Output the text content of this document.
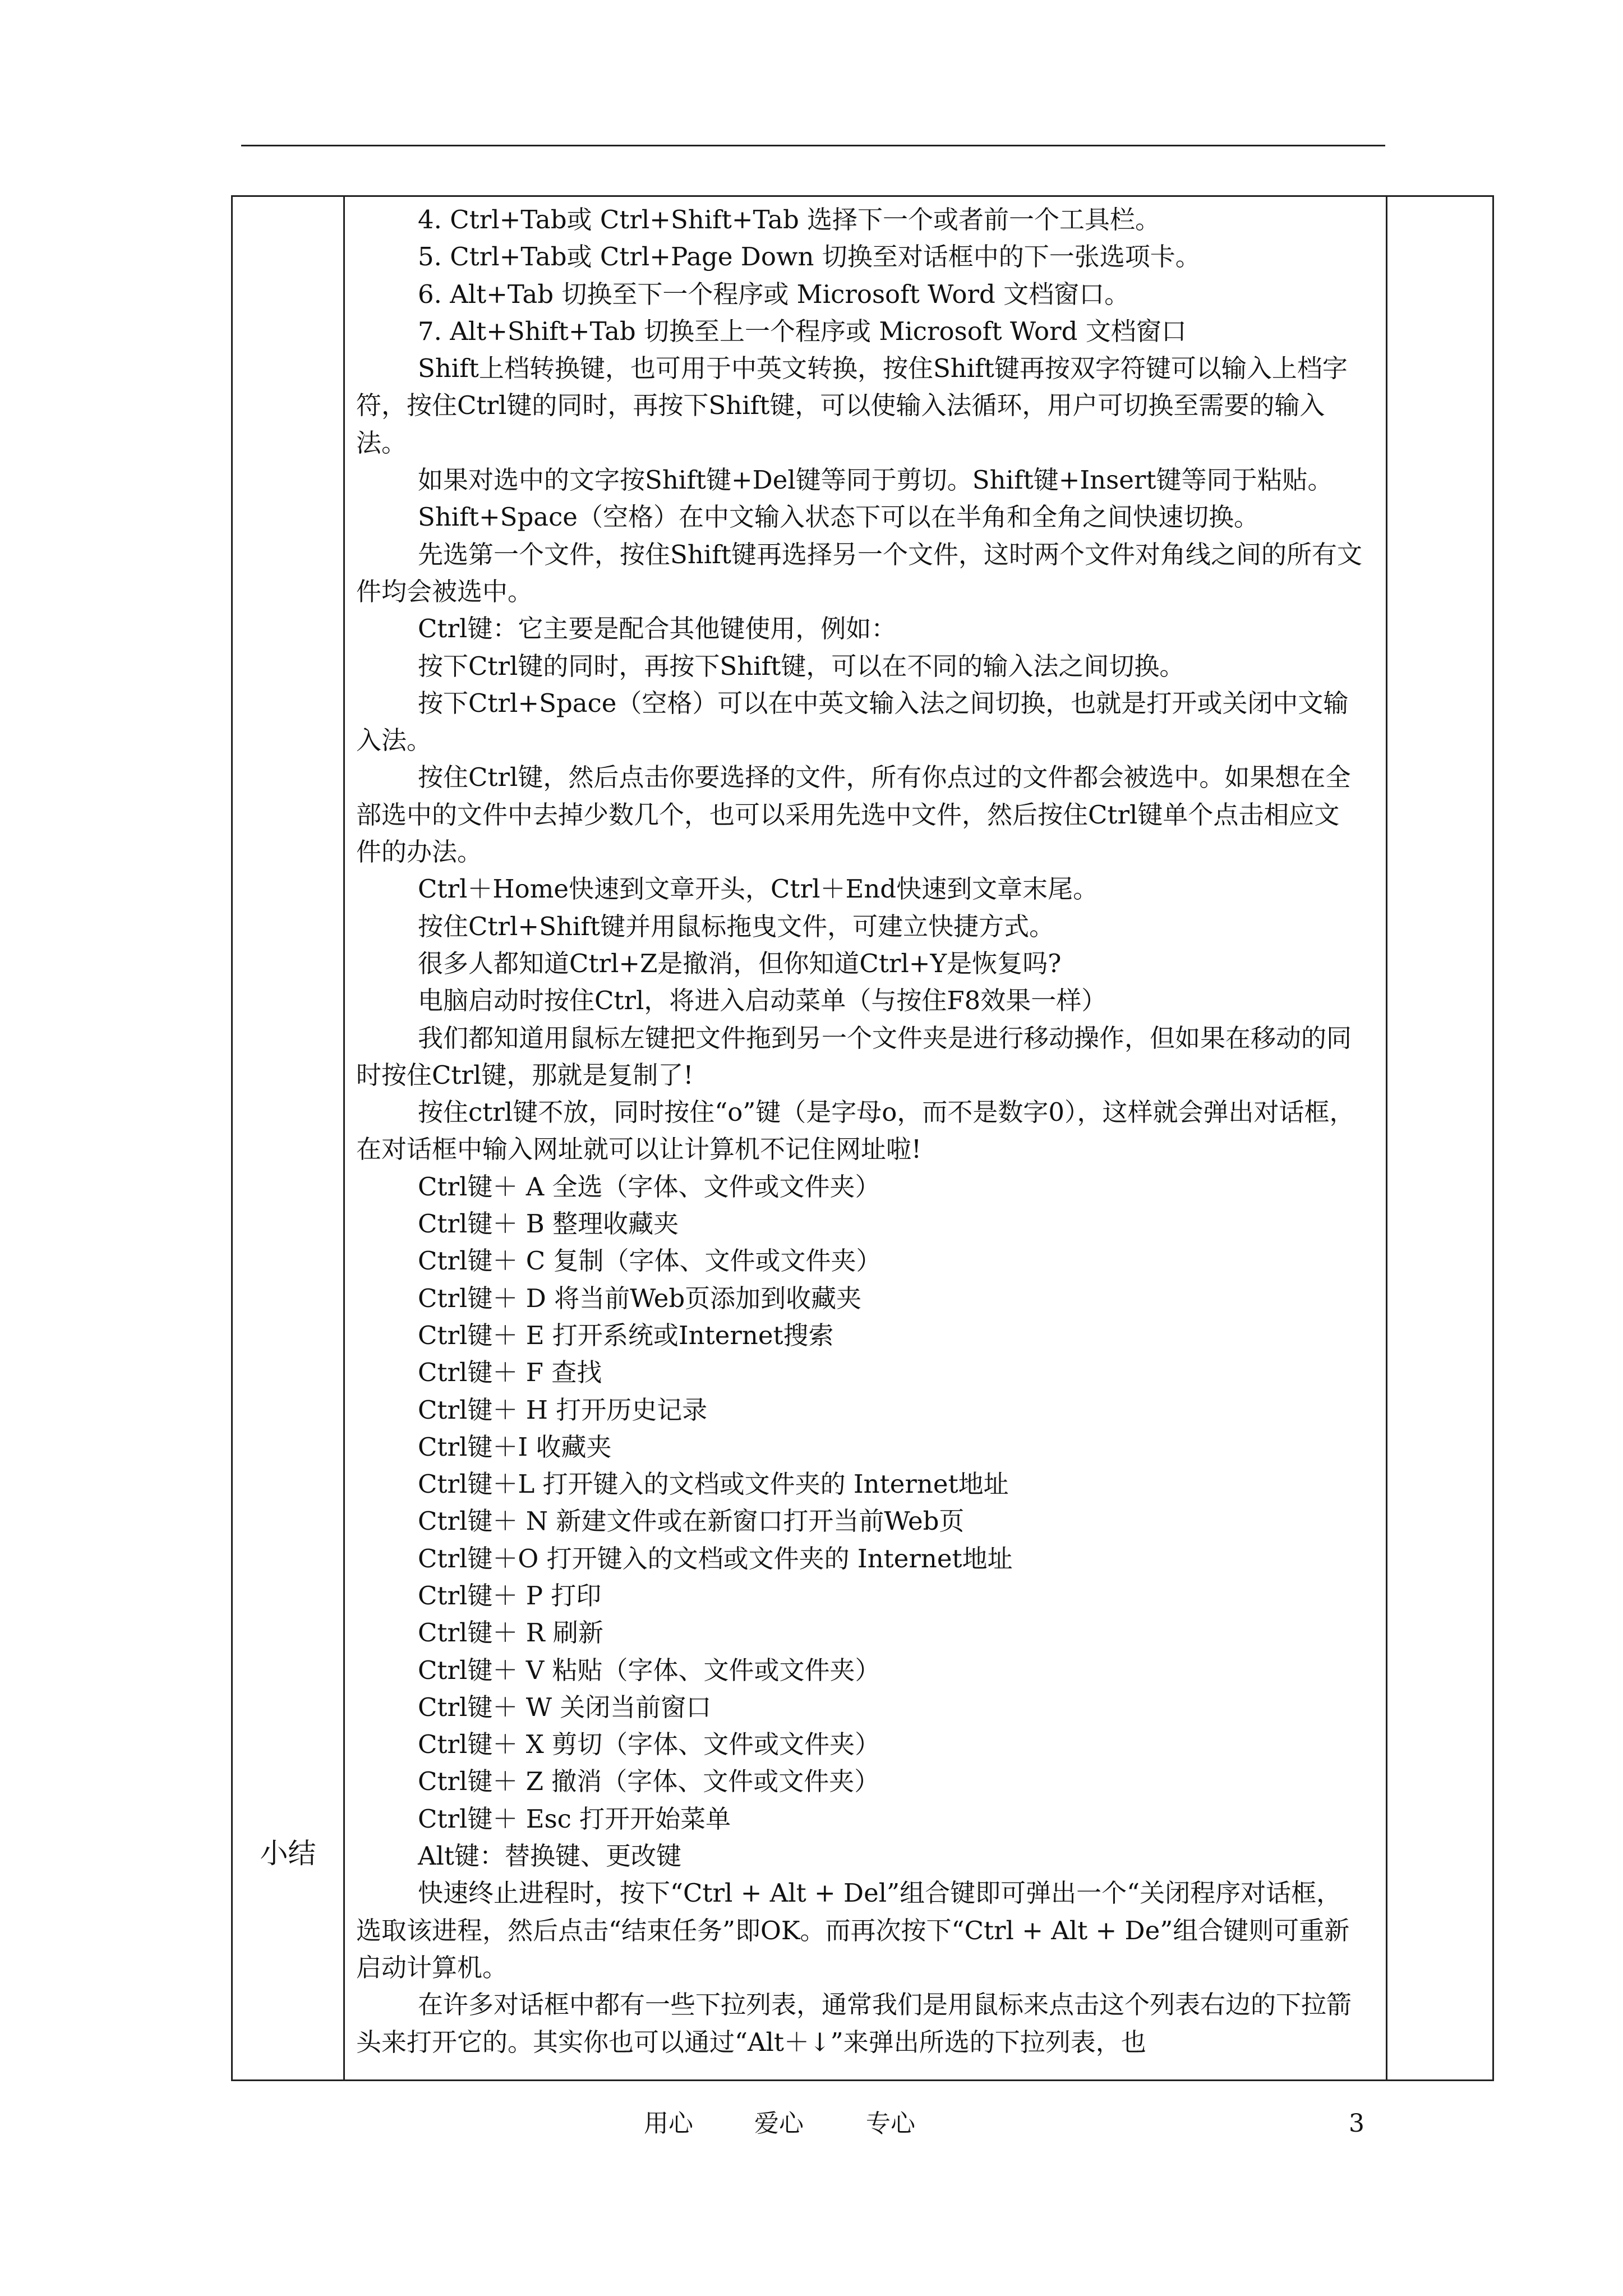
小结

4. Ctrl+Tab或 Ctrl+Shift+Tab 选择下一个或者前一个工具栏。

5. Ctrl+Tab或 Ctrl+Page Down 切换至对话框中的下一张选项卡。

6. Alt+Tab 切换至下一个程序或 Microsoft Word 文档窗口。

7. Alt+Shift+Tab 切换至上一个程序或 Microsoft Word 文档窗口

Shift上档转换键，也可用于中英文转换，按住Shift键再按双字符键可以输入上档字符，按住Ctrl键的同时，再按下Shift键，可以使输入法循环，用户可切换至需要的输入法。

如果对选中的文字按Shift键+Del键等同于剪切。Shift键+Insert键等同于粘贴。

Shift+Space（空格）在中文输入状态下可以在半角和全角之间快速切换。

先选第一个文件，按住Shift键再选择另一个文件，这时两个文件对角线之间的所有文件均会被选中。

Ctrl键：它主要是配合其他键使用，例如：

按下Ctrl键的同时，再按下Shift键，可以在不同的输入法之间切换。

按下Ctrl+Space（空格）可以在中英文输入法之间切换，也就是打开或关闭中文输入法。

按住Ctrl键，然后点击你要选择的文件，所有你点过的文件都会被选中。如果想在全部选中的文件中去掉少数几个，也可以采用先选中文件，然后按住Ctrl键单个点击相应文件的办法。

Ctrl＋Home快速到文章开头，Ctrl＋End快速到文章末尾。

按住Ctrl+Shift键并用鼠标拖曳文件，可建立快捷方式。

很多人都知道Ctrl+Z是撤消，但你知道Ctrl+Y是恢复吗?

电脑启动时按住Ctrl，将进入启动菜单（与按住F8效果一样）

我们都知道用鼠标左键把文件拖到另一个文件夹是进行移动操作，但如果在移动的同时按住Ctrl键，那就是复制了!

按住ctrl键不放，同时按住“o”键（是字母o，而不是数字0），这样就会弹出对话框，在对话框中输入网址就可以让计算机不记住网址啦!

Ctrl键＋ A 全选（字体、文件或文件夹）

Ctrl键＋ B 整理收藏夹

Ctrl键＋ C 复制（字体、文件或文件夹）

Ctrl键＋ D 将当前Web页添加到收藏夹

Ctrl键＋ E 打开系统或Internet搜索

Ctrl键＋ F 查找

Ctrl键＋ H 打开历史记录

Ctrl键＋I 收藏夹

Ctrl键＋L 打开键入的文档或文件夹的 Internet地址

Ctrl键＋ N 新建文件或在新窗口打开当前Web页

Ctrl键＋O 打开键入的文档或文件夹的 Internet地址

Ctrl键＋ P 打印

Ctrl键＋ R 刷新

Ctrl键＋ V 粘贴（字体、文件或文件夹）

Ctrl键＋ W 关闭当前窗口

Ctrl键＋ X 剪切（字体、文件或文件夹）

Ctrl键＋ Z 撤消（字体、文件或文件夹）

Ctrl键＋ Esc 打开开始菜单

Alt键：替换键、更改键

快速终止进程时，按下“Ctrl + Alt + Del”组合键即可弹出一个“关闭程序对话框，选取该进程，然后点击“结束任务”即OK。而再次按下“Ctrl + Alt + De”组合键则可重新启动计算机。

在许多对话框中都有一些下拉列表，通常我们是用鼠标来点击这个列表右边的下拉箭头来打开它的。其实你也可以通过“Alt＋↓”来弹出所选的下拉列表，也

用心 爱心	专心	3
